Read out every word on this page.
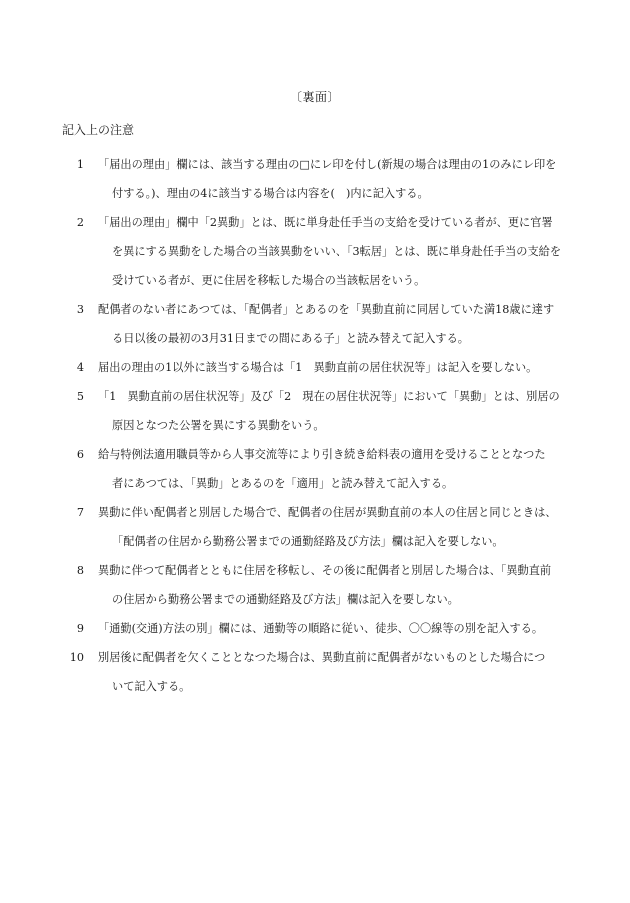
〔裏面〕
記入上の注意
1 「届出の理由」欄には、該当する理由の□にレ印を付し(新規の場合は理由の1のみにレ印を
付する。)、理由の4に該当する場合は内容を(　)内に記入する。
2 「届出の理由」欄中「2異動」とは、既に単身赴任手当の支給を受けている者が、更に官署
を異にする異動をした場合の当該異動をいい、「3転居」とは、既に単身赴任手当の支給を
受けている者が、更に住居を移転した場合の当該転居をいう。
3 配偶者のない者にあつては、「配偶者」とあるのを「異動直前に同居していた満18歳に達す
る日以後の最初の3月31日までの間にある子」と読み替えて記入する。
4 届出の理由の1以外に該当する場合は「1　異動直前の居住状況等」は記入を要しない。
5 「1　異動直前の居住状況等」及び「2　現在の居住状況等」において「異動」とは、別居の
原因となつた公署を異にする異動をいう。
6 給与特例法適用職員等から人事交流等により引き続き給料表の適用を受けることとなつた
者にあつては、「異動」とあるのを「適用」と読み替えて記入する。
7 異動に伴い配偶者と別居した場合で、配偶者の住居が異動直前の本人の住居と同じときは、
「配偶者の住居から勤務公署までの通勤経路及び方法」欄は記入を要しない。
8 異動に伴つて配偶者とともに住居を移転し、その後に配偶者と別居した場合は、「異動直前
の住居から勤務公署までの通勤経路及び方法」欄は記入を要しない。
9 「通勤(交通)方法の別」欄には、通勤等の順路に従い、徒歩、〇〇線等の別を記入する。
10 別居後に配偶者を欠くこととなつた場合は、異動直前に配偶者がないものとした場合につ
いて記入する。
